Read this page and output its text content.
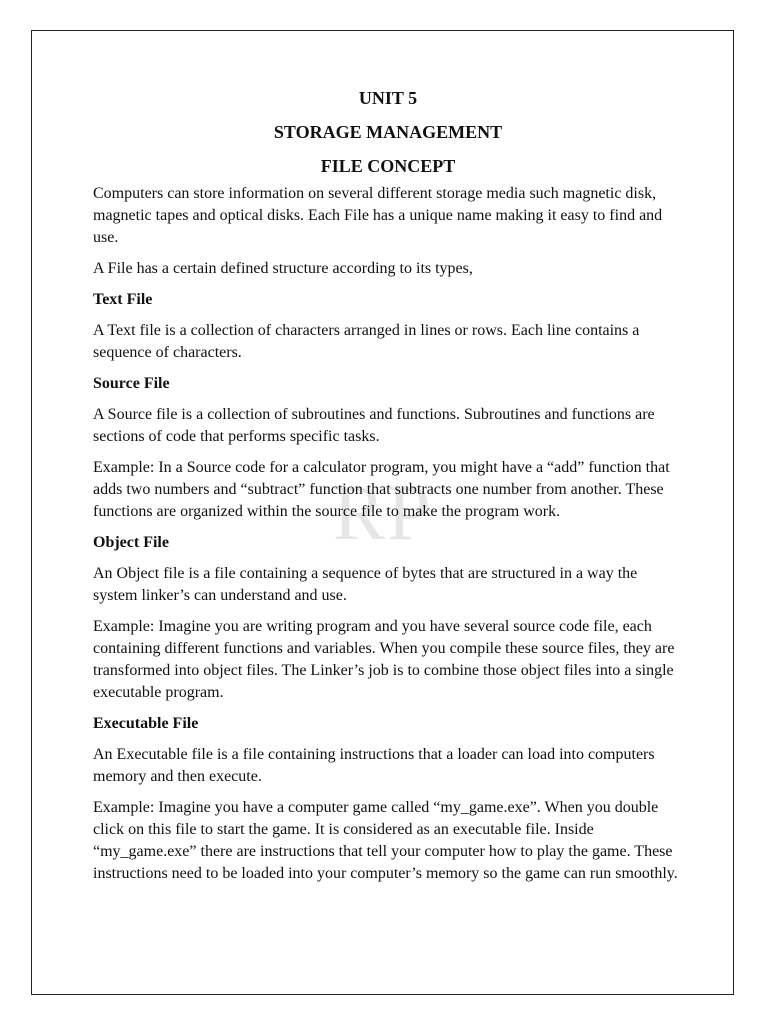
RP
UNIT 5
STORAGE MANAGEMENT
FILE CONCEPT

Computers can store information on several different storage media such magnetic disk, magnetic tapes and optical disks. Each File has a unique name making it easy to find and use.

A File has a certain defined structure according to its types,

Text File

A Text file is a collection of characters arranged in lines or rows. Each line contains a sequence of characters.

Source File

A Source file is a collection of subroutines and functions. Subroutines and functions are sections of code that performs specific tasks.

Example: In a Source code for a calculator program, you might have a “add” function that adds two numbers and “subtract” function that subtracts one number from another. These functions are organized within the source file to make the program work.

Object File

An Object file is a file containing a sequence of bytes that are structured in a way the system linker’s can understand and use.

Example: Imagine you are writing program and you have several source code file, each containing different functions and variables. When you compile these source files, they are transformed into object files. The Linker’s job is to combine those object files into a single executable program.

Executable File

An Executable file is a file containing instructions that a loader can load into computers memory and then execute.

Example: Imagine you have a computer game called “my_game.exe”. When you double click on this file to start the game. It is considered as an executable file. Inside “my_game.exe” there are instructions that tell your computer how to play the game. These instructions need to be loaded into your computer’s memory so the game can run smoothly.
